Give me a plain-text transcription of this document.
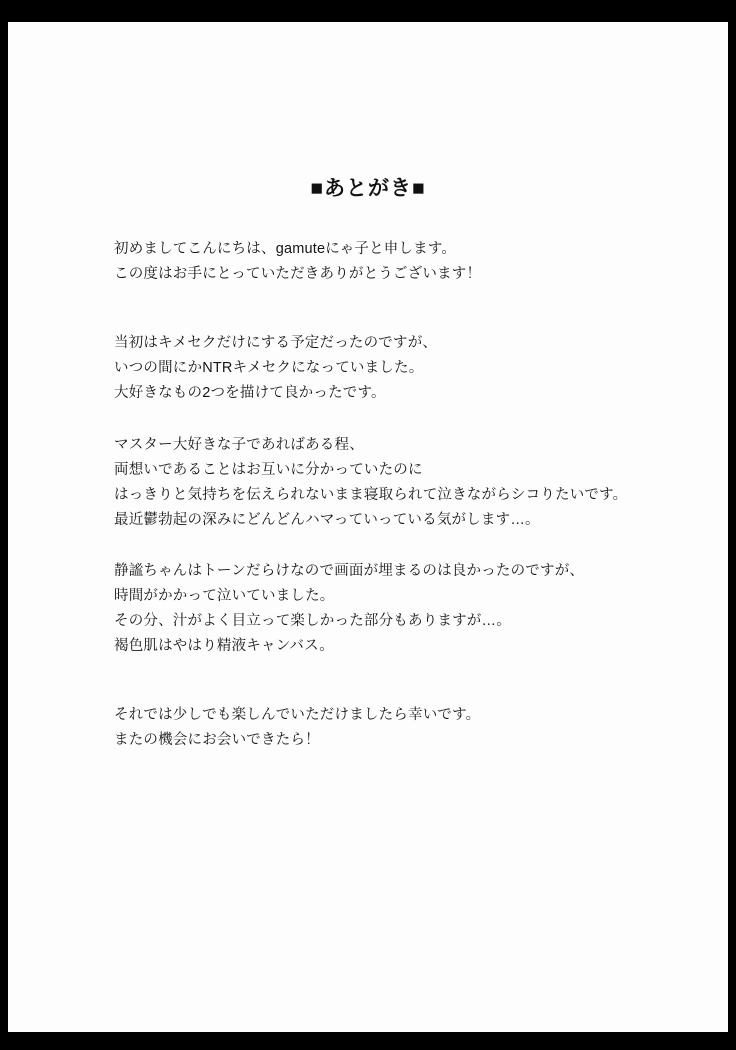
■あとがき■
初めましてこんにちは、gamuteにゃ子と申します。
この度はお手にとっていただきありがとうございます！
当初はキメセクだけにする予定だったのですが、
いつの間にかNTRキメセクになっていました。
大好きなもの2つを描けて良かったです。
マスター大好きな子であればある程、
両想いであることはお互いに分かっていたのに
はっきりと気持ちを伝えられないまま寝取られて泣きながらシコりたいです。
最近鬱勃起の深みにどんどんハマっていっている気がします…。
静謐ちゃんはトーンだらけなので画面が埋まるのは良かったのですが、
時間がかかって泣いていました。
その分、汁がよく目立って楽しかった部分もありますが…。
褐色肌はやはり精液キャンバス。
それでは少しでも楽しんでいただけましたら幸いです。
またの機会にお会いできたら！
